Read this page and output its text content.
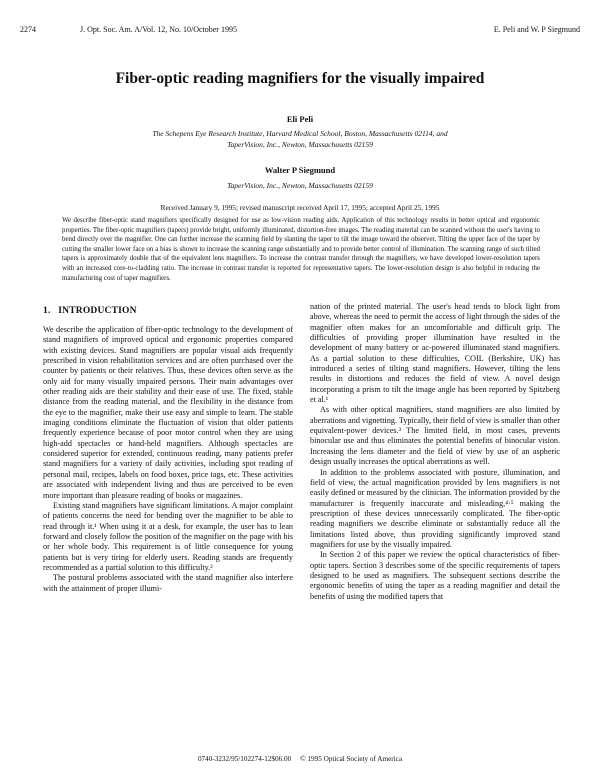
2274	J. Opt. Soc. Am. A/Vol. 12, No. 10/October 1995	E. Peli and W. P Siegmund
Fiber-optic reading magnifiers for the visually impaired
Eli Peli
The Schepens Eye Research Institute, Harvard Medical School, Boston, Massachusetts 02114, and
TaperVision, Inc., Newton, Massachusetts 02159
Walter P Siegmund
TaperVision, Inc., Newton, Massachusetts 02159
Received January 9, 1995; revised manuscript received April 17, 1995; accepted April 25, 1995
We describe fiber-optic stand magnifiers specifically designed for use as low-vision reading aids. Application of this technology results in better optical and ergonomic properties. The fiber-optic magnifiers (tapers) provide bright, uniformly illuminated, distortion-free images. The reading material can be scanned without the user's having to bend directly over the magnifier. One can further increase the scanning field by slanting the taper to tilt the image toward the observer. Tilting the upper face of the taper by cutting the smaller lower face on a bias is shown to increase the scanning range substantially and to provide better control of illumination. The scanning range of such tilted tapers is approximately double that of the equivalent lens magnifiers. To increase the contrast transfer through the magnifiers, we have developed lower-resolution tapers with an increased core-to-cladding ratio. The increase in contrast transfer is reported for representative tapers. The lower-resolution design is also helpful in reducing the manufacturing cost of taper magnifiers.
1. INTRODUCTION

We describe the application of fiber-optic technology to the development of stand magnifiers of improved optical and ergonomic properties compared with existing devices. Stand magnifiers are popular visual aids frequently prescribed in vision rehabilitation services and are often purchased over the counter by patients or their relatives. Thus, these devices often serve as the only aid for many visually impaired persons. Their main advantages over other reading aids are their stability and their ease of use. The fixed, stable distance from the reading material, and the flexibility in the distance from the eye to the magnifier, make their use easy and simple to learn. The stable imaging conditions eliminate the fluctuation of vision that older patients frequently experience because of poor motor control when they are using high-add spectacles or hand-held magnifiers. Although spectacles are considered superior for extended, continuous reading, many patients prefer stand magnifiers for a variety of daily activities, including spot reading of personal mail, recipes, labels on food boxes, price tags, etc. These activities are associated with independent living and thus are perceived to be even more important than pleasure reading of books or magazines.

Existing stand magnifiers have significant limitations. A major complaint of patients concerns the need for bending over the magnifier to be able to read through it.¹ When using it at a desk, for example, the user has to lean forward and closely follow the position of the magnifier on the page with his or her whole body. This requirement is of little consequence for young patients but is very tiring for elderly users. Reading stands are frequently recommended as a partial solution to this difficulty.²

The postural problems associated with the stand magnifier also interfere with the attainment of proper illumi-

nation of the printed material. The user's head tends to block light from above, whereas the need to permit the access of light through the sides of the magnifier often makes for an uncomfortable and difficult grip. The difficulties of providing proper illumination have resulted in the development of many battery or ac-powered illuminated stand magnifiers. As a partial solution to these difficulties, COIL (Berkshire, UK) has introduced a series of tilting stand magnifiers. However, tilting the lens results in distortions and reduces the field of view. A novel design incorporating a prism to tilt the image angle has been reported by Spitzberg et al.¹

As with other optical magnifiers, stand magnifiers are also limited by aberrations and vignetting. Typically, their field of view is smaller than other equivalent-power devices.³ The limited field, in most cases, prevents binocular use and thus eliminates the potential benefits of binocular vision. Increasing the lens diameter and the field of view by use of an aspheric design usually increases the optical aberrations as well.

In addition to the problems associated with posture, illumination, and field of view, the actual magnification provided by lens magnifiers is not easily defined or measured by the clinician. The information provided by the manufacturer is frequently inaccurate and misleading,⁴·⁵ making the prescription of these devices unnecessarily complicated. The fiber-optic reading magnifiers we describe eliminate or substantially reduce all the limitations listed above, thus providing significantly improved stand magnifiers for use by the visually impaired.

In Section 2 of this paper we review the optical characteristics of fiber-optic tapers. Section 3 describes some of the specific requirements of tapers designed to be used as magnifiers. The subsequent sections describe the ergonomic benefits of using the taper as a reading magnifier and detail the benefits of using the modified tapers that

0740-3232/95/102274-12$06.00 © 1995 Optical Society of America
